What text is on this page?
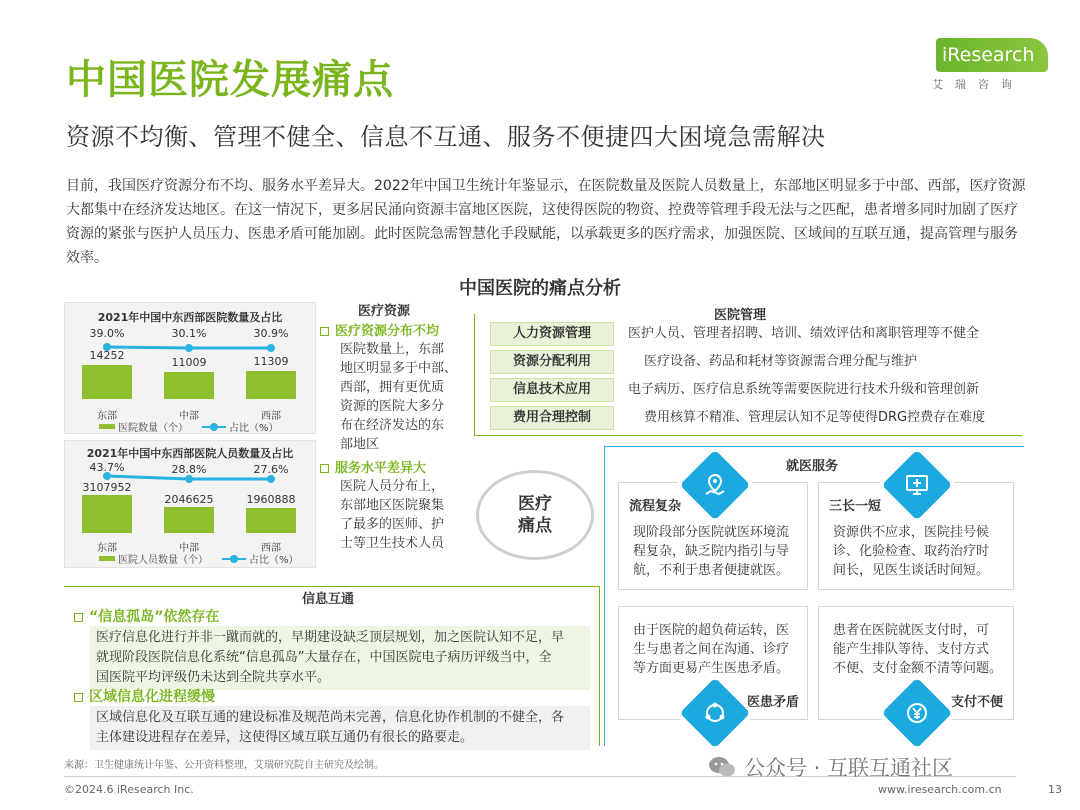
中国医院发展痛点
资源不均衡、管理不健全、信息不互通、服务不便捷四大困境急需解决
iResearch
艾瑞咨询
目前，我国医疗资源分布不均、服务水平差异大。2022年中国卫生统计年鉴显示，在医院数量及医院人员数量上，东部地区明显多于中部、西部，医疗资源大都集中在经济发达地区。在这一情况下，更多居民涌向资源丰富地区医院，这使得医院的物资、控费等管理手段无法与之匹配，患者增多同时加剧了医疗资源的紧张与医护人员压力、医患矛盾可能加剧。此时医院急需智慧化手段赋能，以承载更多的医疗需求，加强医院、区域间的互联互通，提高管理与服务效率。
中国医院的痛点分析
2021年中国中东西部医院数量及占比
39.0%	30.1%	30.9%
14252
11009	11309
东部	中部	西部
医院数量（个）	占比（%）
2021年中国中东西部医院人员数量及占比
43.7%	28.8%	27.6%
3107952
2046625	1960888
东部	中部	西部
医院人员数量（个）	占比（%）
医疗资源
医疗资源分布不均
医院数量上，东部
地区明显多于中部、
西部，拥有更优质
资源的医院大多分
布在经济发达的东
部地区
服务水平差异大
医院人员分布上，
东部地区医院聚集
了最多的医师、护
士等卫生技术人员
医院管理
人力资源管理	医护人员、管理者招聘、培训、绩效评估和离职管理等不健全
资源分配利用	医疗设备、药品和耗材等资源需合理分配与维护
信息技术应用	电子病历、医疗信息系统等需要医院进行技术升级和管理创新
费用合理控制	费用核算不精准、管理层认知不足等使得DRG控费存在难度
医疗
痛点
就医服务
流程复杂
现阶段部分医院就医环境流
程复杂，缺乏院内指引与导
航，不利于患者便捷就医。
三长一短
资源供不应求，医院挂号候
诊、化验检查、取药治疗时
间长，见医生谈话时间短。
由于医院的超负荷运转，医
生与患者之间在沟通、诊疗
等方面更易产生医患矛盾。
医患矛盾
患者在医院就医支付时，可
能产生排队等待、支付方式
不便、支付金额不清等问题。
支付不便
信息互通
“信息孤岛”依然存在
医疗信息化进行并非一蹴而就的，早期建设缺乏顶层规划，加之医院认知不足，早
就现阶段医院信息化系统“信息孤岛”大量存在，中国医院电子病历评级当中，全
国医院平均评级仍未达到全院共享水平。
区域信息化进程缓慢
区域信息化及互联互通的建设标准及规范尚未完善，信息化协作机制的不健全，各
主体建设进程存在差异，这使得区域互联互通仍有很长的路要走。
来源：卫生健康统计年鉴、公开资料整理，艾瑞研究院自主研究及绘制。
©2024.6 iResearch Inc.
公众号 · 互联互通社区
www.iresearch.com.cn	13
